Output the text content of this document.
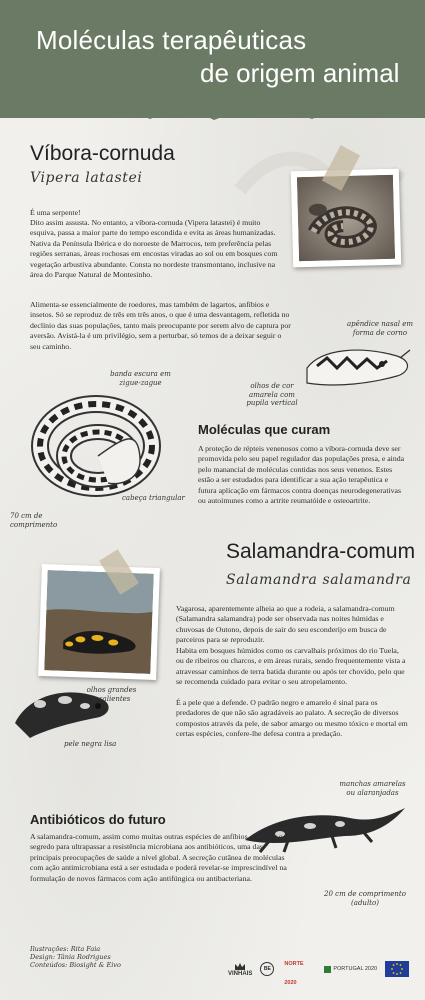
Moléculas terapêuticas
de origem animal
Víbora-cornuda
Vipera latastei

É uma serpente!

Dito assim assusta. No entanto, a víbora-cornuda (Vipera latastei) é muito esquiva, passa a maior parte do tempo escondida e evita as áreas humanizadas. Nativa da Península Ibérica e do noroeste de Marrocos, tem preferência pelas regiões serranas, áreas rochosas em encostas viradas ao sol ou em bosques com vegetação arbustiva abundante. Consta no nordeste transmontano, inclusive na área do Parque Natural de Montesinho.

Alimenta-se essencialmente de roedores, mas também de lagartos, anfíbios e insetos. Só se reproduz de três em três anos, o que é uma desvantagem, refletida no declínio das suas populações, tanto mais preocupante por serem alvo de captura por aversão. Avistá-la é um privilégio, sem a perturbar, só temos de a deixar seguir o seu caminho.

apêndice nasal em forma de corno
olhos de cor amarela com pupila vertical
banda escura em zigue-zague
cabeça triangular
70 cm de comprimento
Moléculas que curam

A proteção de répteis venenosos como a víbora-cornuda deve ser promovida pelo seu papel regulador das populações presa, e ainda pelo manancial de moléculas contidas nos seus venenos. Estes estão a ser estudados para identificar a sua ação terapêutica e futura aplicação em fármacos contra doenças neurodegenerativas ou autoimunes como a artrite reumatóide e osteoartrite.

Salamandra-comum
Salamandra salamandra

Vagarosa, aparentemente alheia ao que a rodeia, a salamandra-comum (Salamandra salamandra) pode ser observada nas noites húmidas e chuvosas de Outono, depois de sair do seu esconderijo em busca de parceiros para se reproduzir.

Habita em bosques húmidos como os carvalhais próximos do rio Tuela, ou de ribeiros ou charcos, e em áreas rurais, sendo frequentemente vista a atravessar caminhos de terra batida durante ou após ter chovido, pelo que se recomenda cuidado para evitar o seu atropelamento.

É a pele que a defende. O padrão negro e amarelo é sinal para os predadores de que não são agradáveis ao palato. A secreção de diversos compostos através da pele, de sabor amargo ou mesmo tóxico e mortal em certas espécies, confere-lhe defesa contra a predação.

olhos grandes e salientes
pele negra lisa
manchas amarelas ou alaranjadas
20 cm de comprimento (adulto)
Antibióticos do futuro

A salamandra-comum, assim como muitas outras espécies de anfíbios, pode ter o segredo para ultrapassar a resistência microbiana aos antibióticos, uma das principais preocupações de saúde a nível global. A secreção cutânea de moléculas com ação antimicrobiana está a ser estudada e poderá revelar-se imprescindível na formulação de novos fármacos com ação antifúngica ou antibacteriana.

Ilustrações: Rita Faia
Design: Tânia Rodrigues
Conteúdos: Biosight & Eivo
VINHAIS
BE
NORTE 2020
PORTUGAL 2020
